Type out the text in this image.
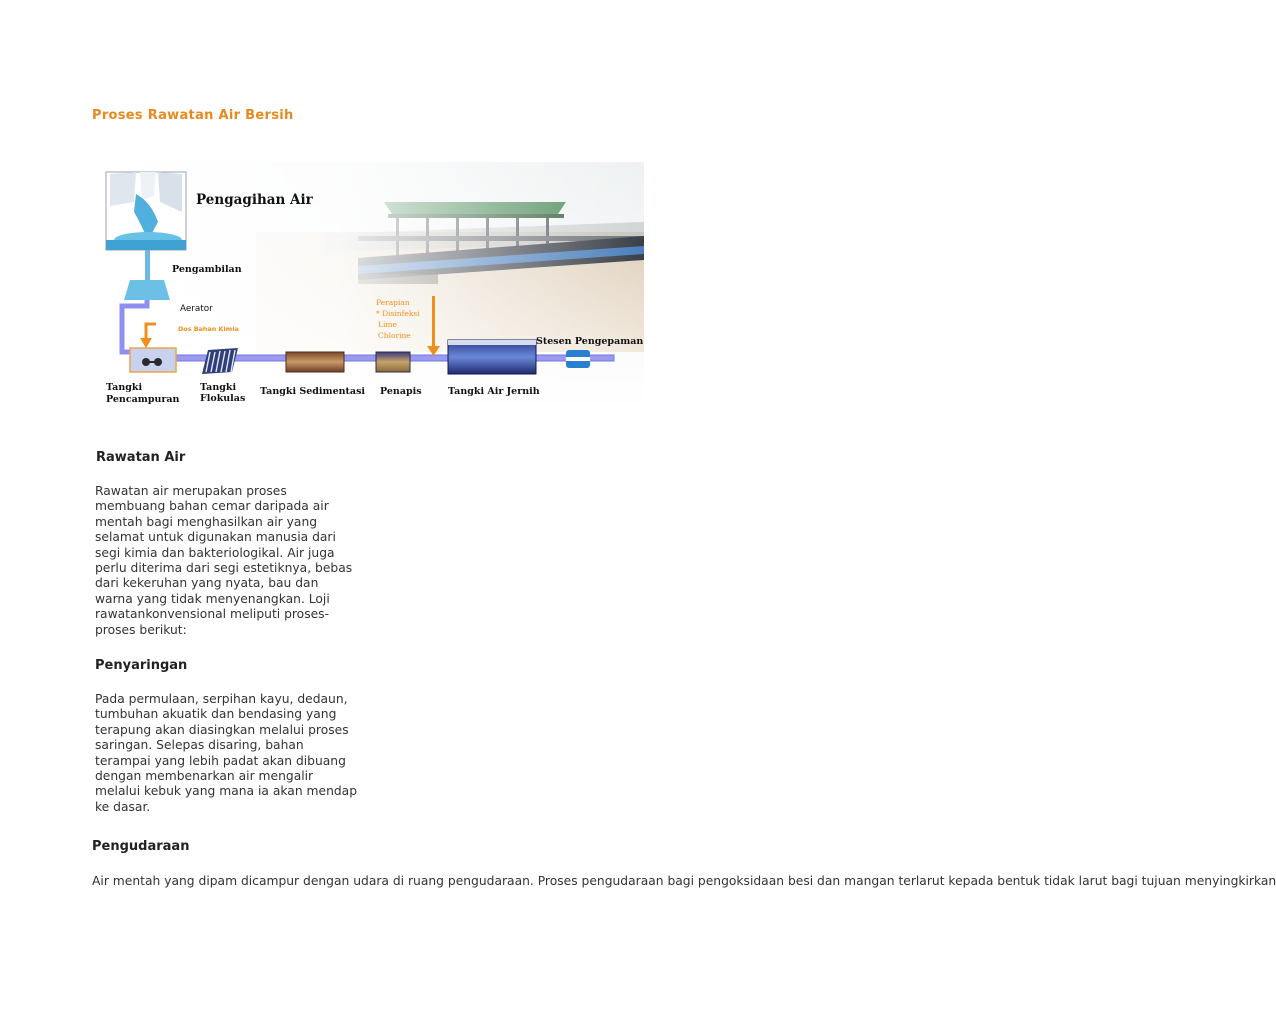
Proses Rawatan Air Bersih
Pengagihan Air
Pengambilan
Aerator
Dos Bahan Kimia
Tangki
Pencampuran
Tangki
Flokulas
Tangki Sedimentasi Penapis	Tangki Air Jernih
Stesen Pengepaman
Perapian
* Disinfeksi
Lime
Chlorine
Rawatan Air
Rawatan air merupakan proses
membuang bahan cemar daripada air
mentah bagi menghasilkan air yang
selamat untuk digunakan manusia dari
segi kimia dan bakteriologikal. Air juga
perlu diterima dari segi estetiknya, bebas
dari kekeruhan yang nyata, bau dan
warna yang tidak menyenangkan. Loji
rawatankonvensional meliputi proses-
proses berikut:
Penyaringan
Pada permulaan, serpihan kayu, dedaun,
tumbuhan akuatik dan bendasing yang
terapung akan diasingkan melalui proses
saringan. Selepas disaring, bahan
terampai yang lebih padat akan dibuang
dengan membenarkan air mengalir
melalui kebuk yang mana ia akan mendap
ke dasar.
Pengudaraan
Air mentah yang dipam dicampur dengan udara di ruang pengudaraan. Proses pengudaraan bagi pengoksidaan besi dan mangan terlarut kepada bentuk tidak larut bagi tujuan menyingkirkan
